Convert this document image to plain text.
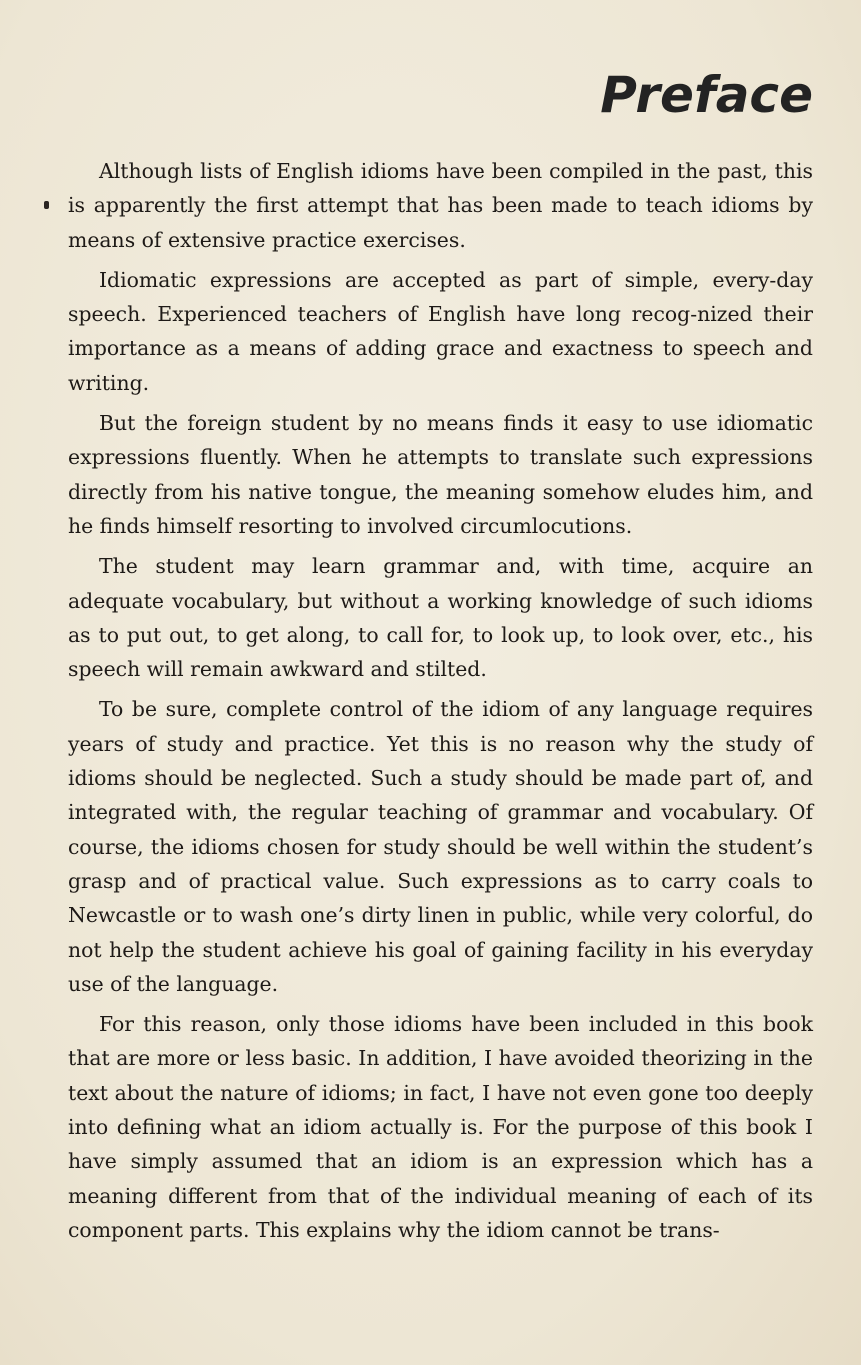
Preface

Although lists of English idioms have been compiled in the past, this is apparently the first attempt that has been made to teach idioms by means of extensive practice exercises.

Idiomatic expressions are accepted as part of simple, every-day speech. Experienced teachers of English have long recog-nized their importance as a means of adding grace and exactness to speech and writing.

But the foreign student by no means finds it easy to use idiomatic expressions fluently. When he attempts to translate such expressions directly from his native tongue, the meaning somehow eludes him, and he finds himself resorting to involved circumlocutions.

The student may learn grammar and, with time, acquire an adequate vocabulary, but without a working knowledge of such idioms as to put out, to get along, to call for, to look up, to look over, etc., his speech will remain awkward and stilted.

To be sure, complete control of the idiom of any language requires years of study and practice. Yet this is no reason why the study of idioms should be neglected. Such a study should be made part of, and integrated with, the regular teaching of grammar and vocabulary. Of course, the idioms chosen for study should be well within the student’s grasp and of practical value. Such expressions as to carry coals to Newcastle or to wash one’s dirty linen in public, while very colorful, do not help the student achieve his goal of gaining facility in his everyday use of the language.

For this reason, only those idioms have been included in this book that are more or less basic. In addition, I have avoided theorizing in the text about the nature of idioms; in fact, I have not even gone too deeply into defining what an idiom actually is. For the purpose of this book I have simply assumed that an idiom is an expression which has a meaning different from that of the individual meaning of each of its component parts. This explains why the idiom cannot be trans-
